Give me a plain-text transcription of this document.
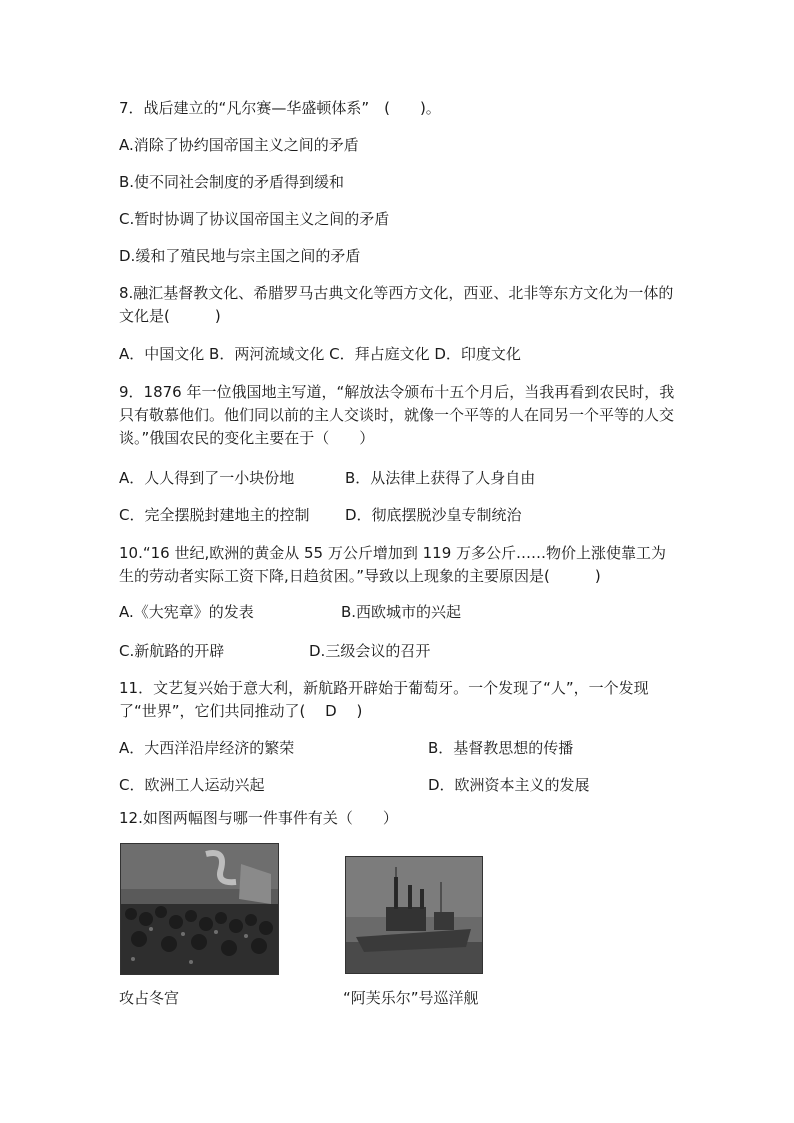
7．战后建立的“凡尔赛—华盛顿体系”　(　　)。
A.消除了协约国帝国主义之间的矛盾
B.使不同社会制度的矛盾得到缓和
C.暂时协调了协议国帝国主义之间的矛盾
D.缓和了殖民地与宗主国之间的矛盾
8.融汇基督教文化、希腊罗马古典文化等西方文化，西亚、北非等东方文化为一体的文化是(　　　)
A．中国文化 B．两河流域文化 C．拜占庭文化 D．印度文化
9．1876 年一位俄国地主写道，“解放法令颁布十五个月后，当我再看到农民时，我只有敬慕他们。他们同以前的主人交谈时，就像一个平等的人在同另一个平等的人交谈。”俄国农民的变化主要在于（　　）
A．人人得到了一小块份地	B．从法律上获得了人身自由
C．完全摆脱封建地主的控制 D．彻底摆脱沙皇专制统治
10.“16 世纪,欧洲的黄金从 55 万公斤增加到 119 万多公斤……物价上涨使靠工为生的劳动者实际工资下降,日趋贫困。”导致以上现象的主要原因是(　　　)
A.《大宪章》的发表	B.西欧城市的兴起
C.新航路的开辟	D.三级会议的召开
11．文艺复兴始于意大利，新航路开辟始于葡萄牙。一个发现了“人”，一个发现了“世界”，它们共同推动了(　 D　 )
A．大西洋沿岸经济的繁荣	B．基督教思想的传播
C．欧洲工人运动兴起	D．欧洲资本主义的发展
12.如图两幅图与哪一件事件有关（　　）
攻占冬宫	“阿芙乐尔”号巡洋舰
